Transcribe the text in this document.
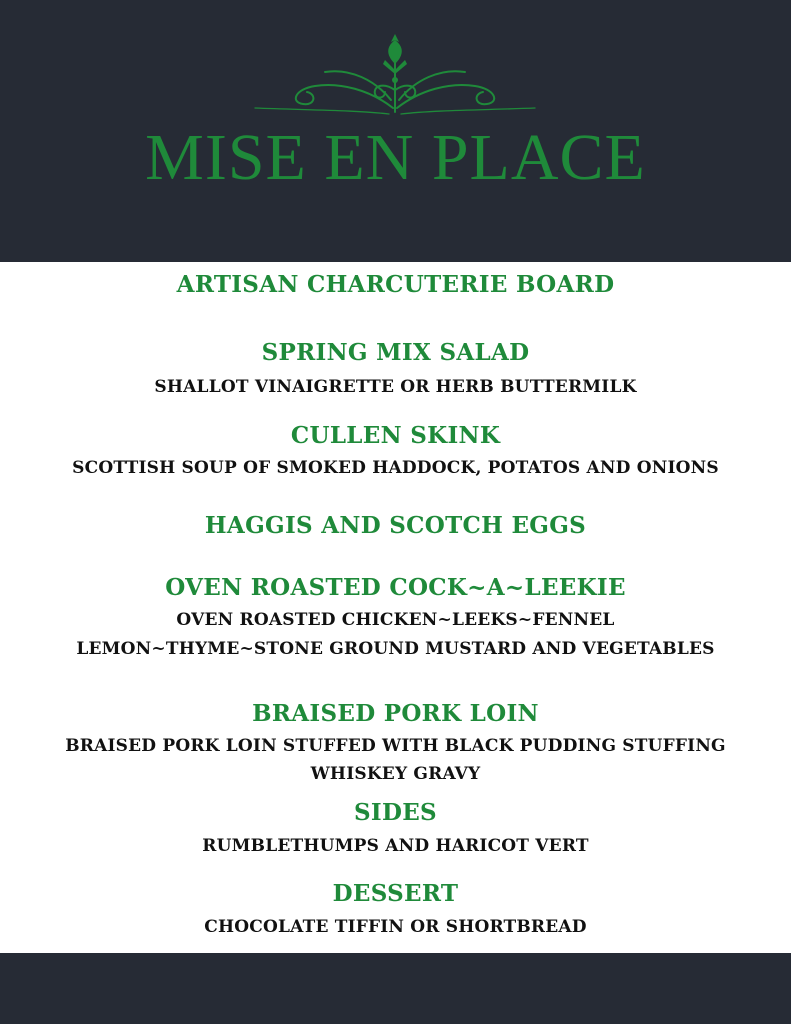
MISE EN PLACE
ARTISAN CHARCUTERIE BOARD
SPRING MIX SALAD
SHALLOT VINAIGRETTE OR HERB BUTTERMILK
CULLEN SKINK
SCOTTISH SOUP OF SMOKED HADDOCK, POTATOS AND ONIONS
HAGGIS AND SCOTCH EGGS
OVEN ROASTED COCK~A~LEEKIE
OVEN ROASTED CHICKEN~LEEKS~FENNEL
LEMON~THYME~STONE GROUND MUSTARD AND VEGETABLES
BRAISED PORK LOIN
BRAISED PORK LOIN STUFFED WITH BLACK PUDDING STUFFING
WHISKEY GRAVY
SIDES
RUMBLETHUMPS AND HARICOT VERT
DESSERT
CHOCOLATE TIFFIN OR SHORTBREAD
